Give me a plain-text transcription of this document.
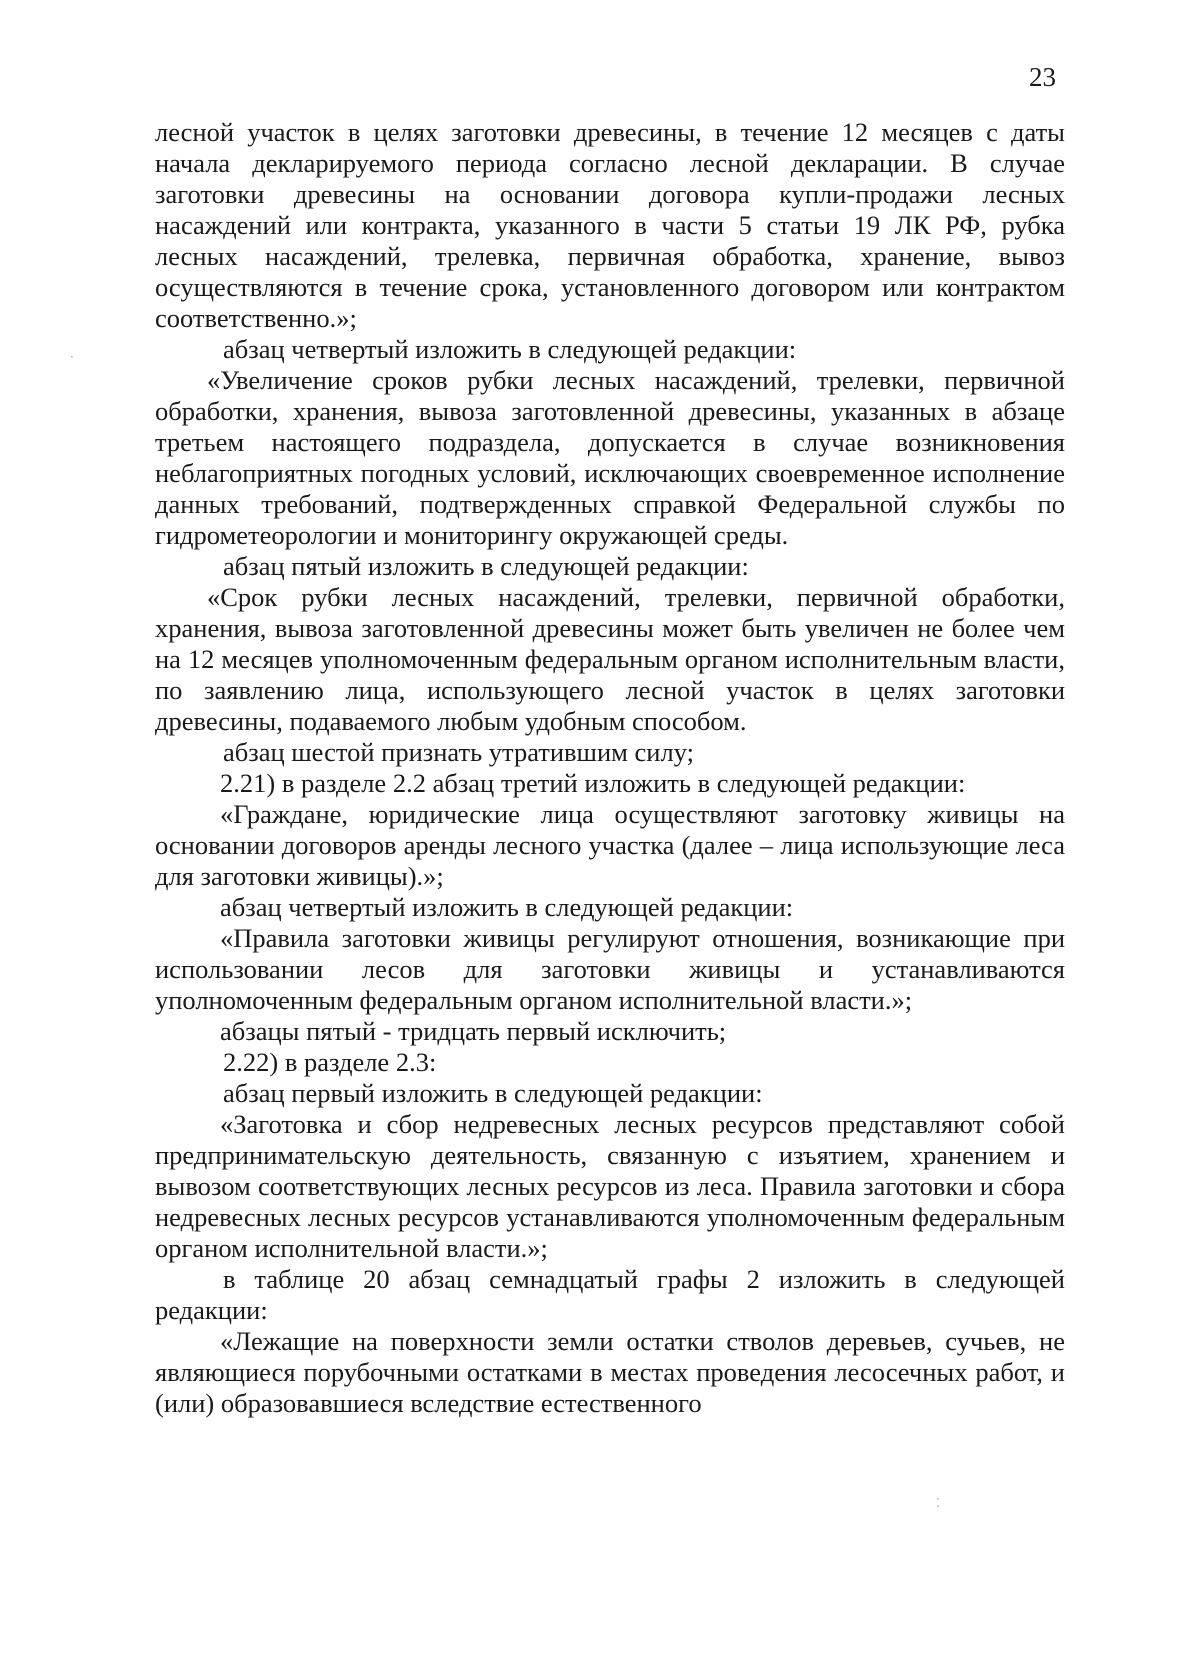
23

лесной участок в целях заготовки древесины, в течение 12 месяцев с даты начала декларируемого периода согласно лесной декларации. В случае заготовки древесины на основании договора купли-продажи лесных насаждений или контракта, указанного в части 5 статьи 19 ЛК РФ, рубка лесных насаждений, трелевка, первичная обработка, хранение, вывоз осуществляются в течение срока, установленного договором или контрактом соответственно.»;

абзац четвертый изложить в следующей редакции:

«Увеличение сроков рубки лесных насаждений, трелевки, первичной обработки, хранения, вывоза заготовленной древесины, указанных в абзаце третьем настоящего подраздела, допускается в случае возникновения неблагоприятных погодных условий, исключающих своевременное исполнение данных требований, подтвержденных справкой Федеральной службы по гидрометеорологии и мониторингу окружающей среды.

абзац пятый изложить в следующей редакции:

«Срок рубки лесных насаждений, трелевки, первичной обработки, хранения, вывоза заготовленной древесины может быть увеличен не более чем на 12 месяцев уполномоченным федеральным органом исполнительным власти, по заявлению лица, использующего лесной участок в целях заготовки древесины, подаваемого любым удобным способом.

абзац шестой признать утратившим силу;

2.21) в разделе 2.2 абзац третий изложить в следующей редакции:

«Граждане, юридические лица осуществляют заготовку живицы на основании договоров аренды лесного участка (далее – лица использующие леса для заготовки живицы).»;

абзац четвертый изложить в следующей редакции:

«Правила заготовки живицы регулируют отношения, возникающие при использовании лесов для заготовки живицы и устанавливаются уполномоченным федеральным органом исполнительной власти.»;

абзацы пятый - тридцать первый исключить;

2.22) в разделе 2.3:

абзац первый изложить в следующей редакции:

«Заготовка и сбор недревесных лесных ресурсов представляют собой предпринимательскую деятельность, связанную с изъятием, хранением и вывозом соответствующих лесных ресурсов из леса. Правила заготовки и сбора недревесных лесных ресурсов устанавливаются уполномоченным федеральным органом исполнительной власти.»;

в таблице 20 абзац семнадцатый графы 2 изложить в следующей редакции:

«Лежащие на поверхности земли остатки стволов деревьев, сучьев, не являющиеся порубочными остатками в местах проведения лесосечных работ, и (или) образовавшиеся вследствие естественного

·
⁚
